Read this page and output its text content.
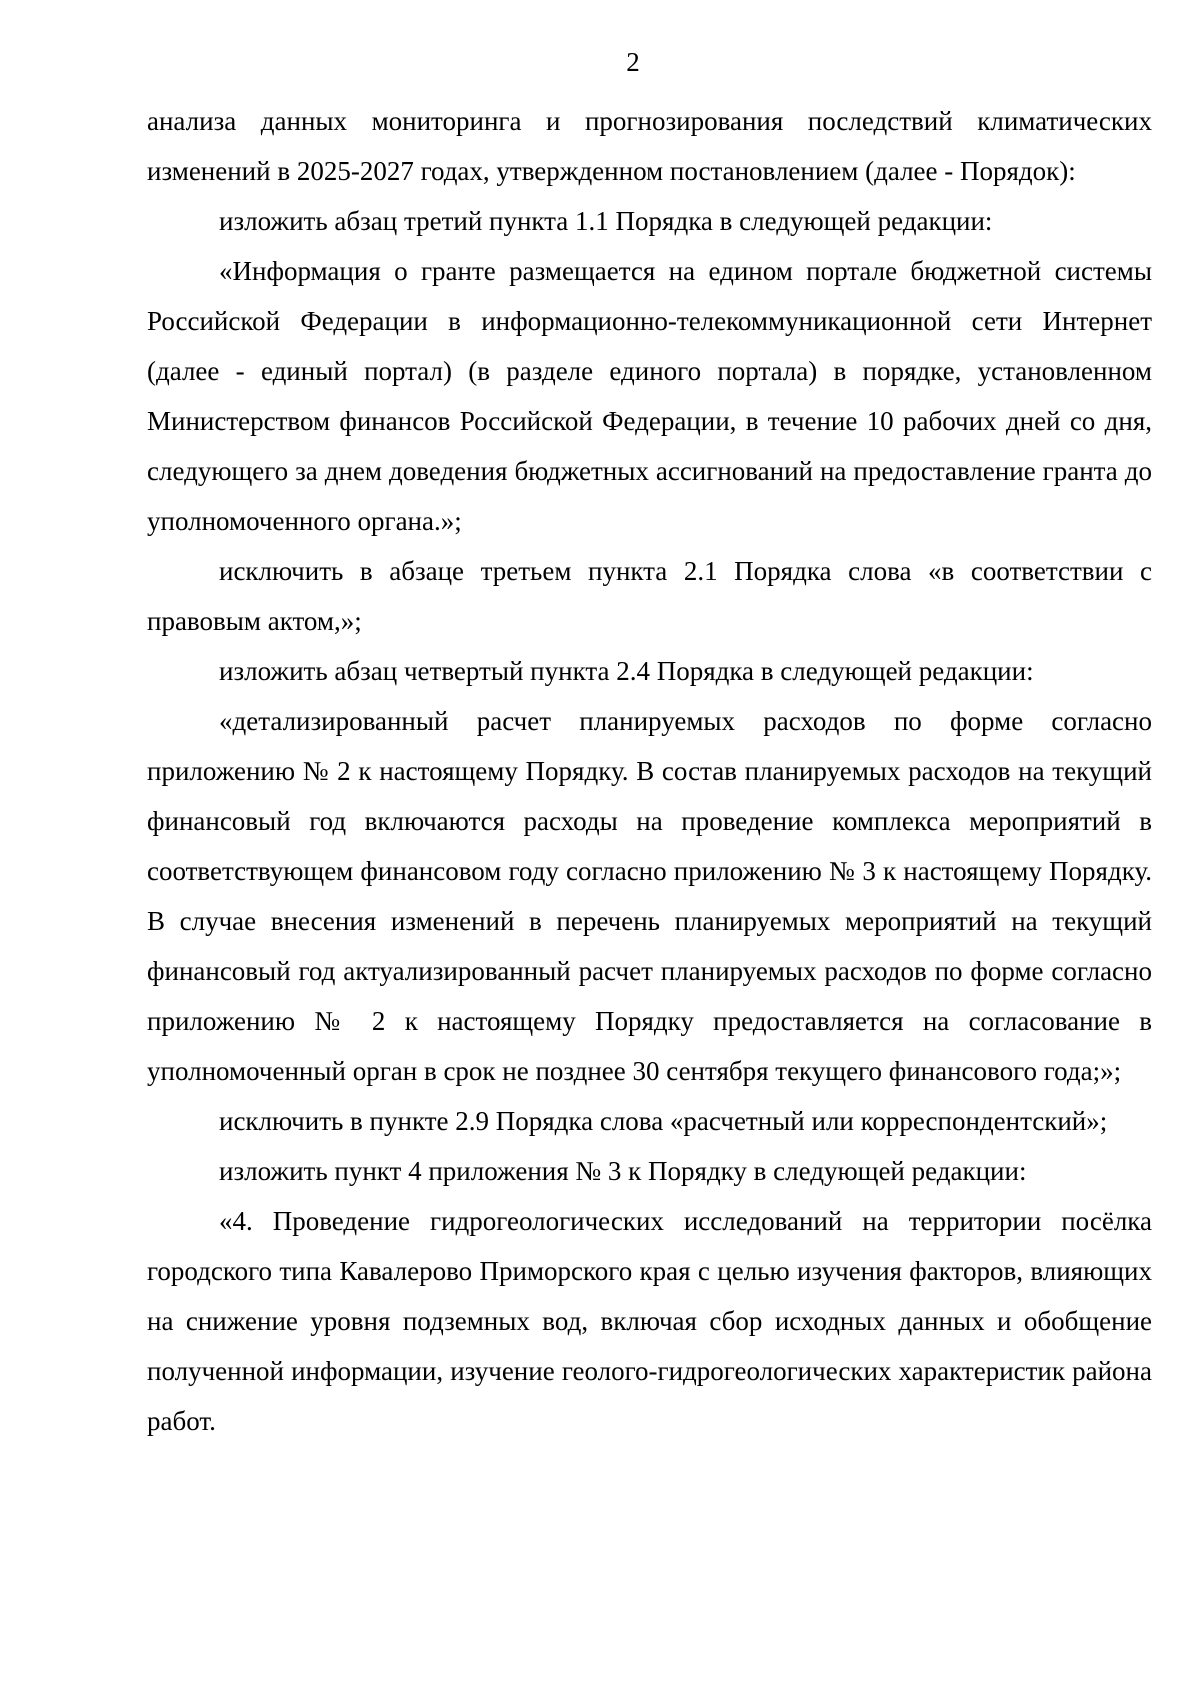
2

анализа данных мониторинга и прогнозирования последствий климатических изменений в 2025-2027 годах, утвержденном постановлением (далее - Порядок):

изложить абзац третий пункта 1.1 Порядка в следующей редакции:

«Информация о гранте размещается на едином портале бюджетной системы Российской Федерации в информационно-телекоммуникационной сети Интернет (далее - единый портал) (в разделе единого портала) в порядке, установленном Министерством финансов Российской Федерации, в течение 10 рабочих дней со дня, следующего за днем доведения бюджетных ассигнований на предоставление гранта до уполномоченного органа.»;

исключить в абзаце третьем пункта 2.1 Порядка слова «в соответствии с правовым актом,»;

изложить абзац четвертый пункта 2.4 Порядка в следующей редакции:

«детализированный расчет планируемых расходов по форме согласно приложению № 2 к настоящему Порядку. В состав планируемых расходов на текущий финансовый год включаются расходы на проведение комплекса мероприятий в соответствующем финансовом году согласно приложению № 3 к настоящему Порядку. В случае внесения изменений в перечень планируемых мероприятий на текущий финансовый год актуализированный расчет планируемых расходов по форме согласно приложению № 2 к настоящему Порядку предоставляется на согласование в уполномоченный орган в срок не позднее 30 сентября текущего финансового года;»;

исключить в пункте 2.9 Порядка слова «расчетный или корреспондентский»;

изложить пункт 4 приложения № 3 к Порядку в следующей редакции:

«4. Проведение гидрогеологических исследований на территории посёлка городского типа Кавалерово Приморского края с целью изучения факторов, влияющих на снижение уровня подземных вод, включая сбор исходных данных и обобщение полученной информации, изучение геолого-гидрогеологических характеристик района работ.
